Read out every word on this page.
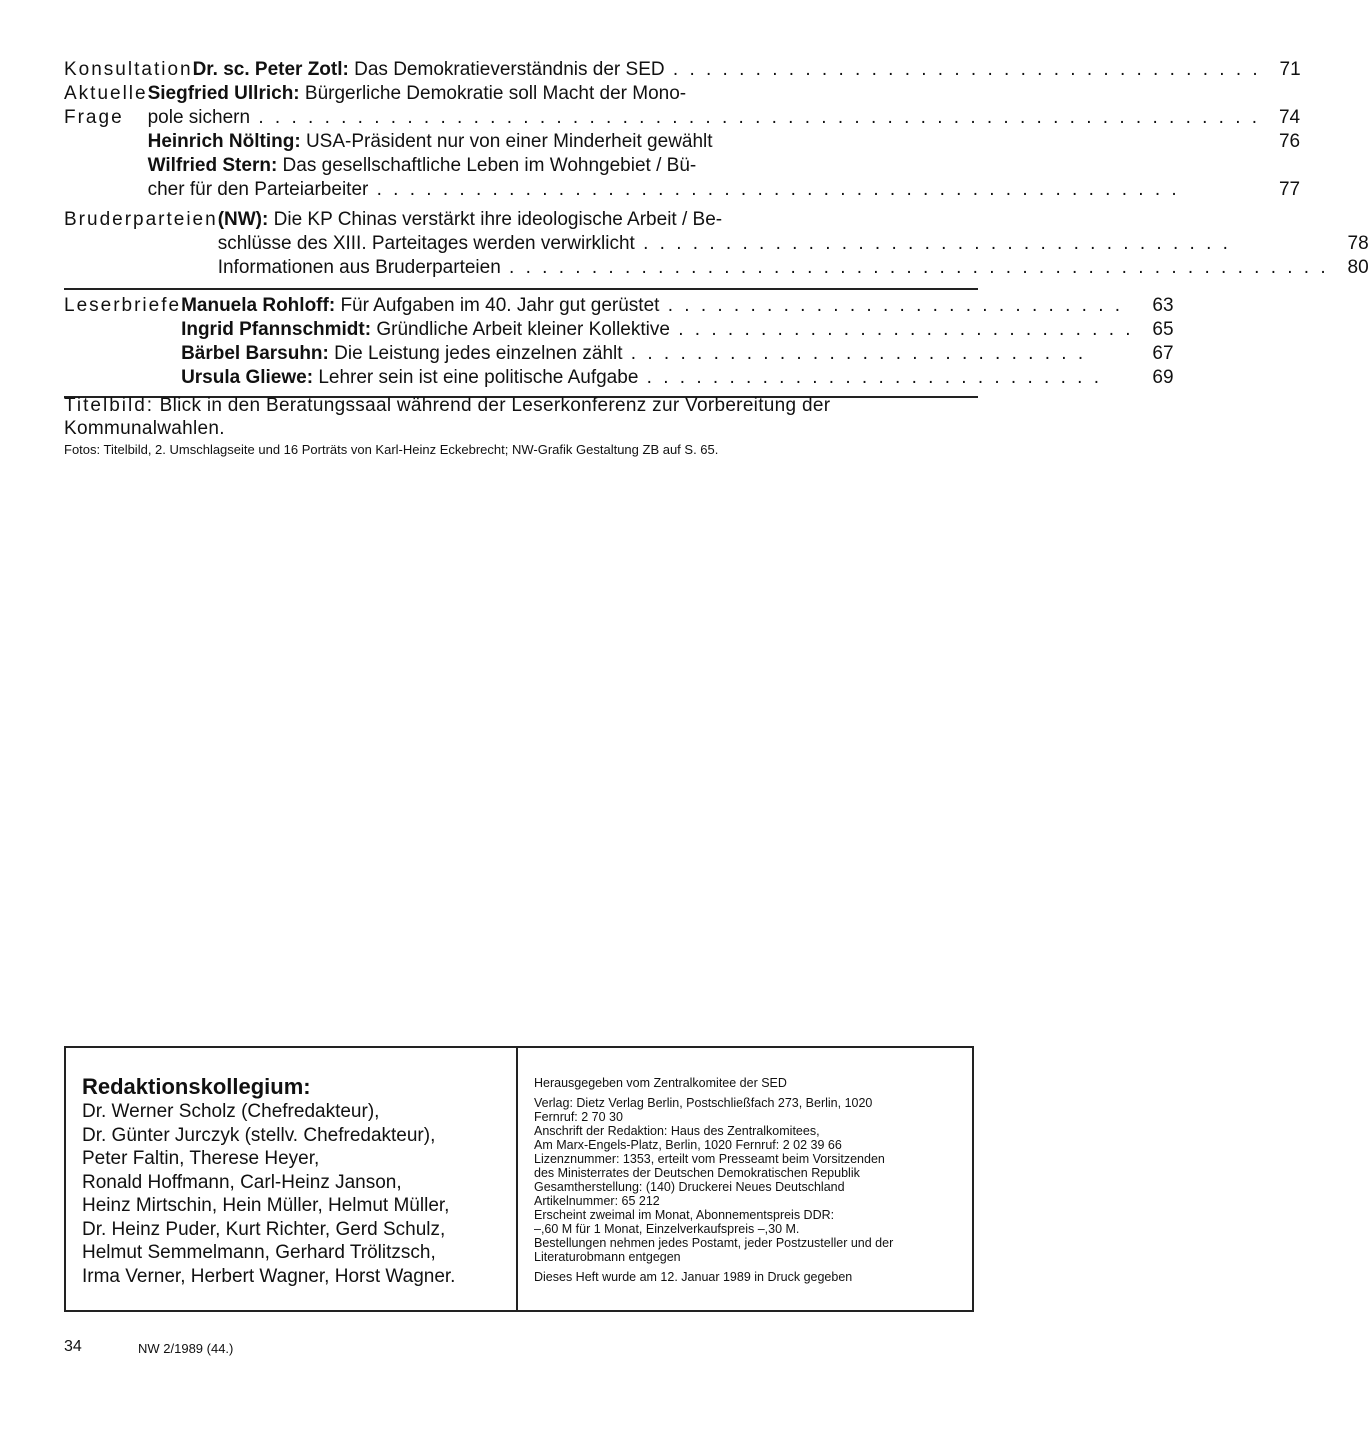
Konsultation Dr. sc. Peter Zotl: Das Demokratieverständnis der SED . . . . . . . . . . . . . . . . . . . . . . . . . . . . . . . . . . . . 71
Aktuelle Frage
Siegfried Ullrich: Bürgerliche Demokratie soll Macht der Mono-
pole sichern . . . . . . . . . . . . . . . . . . . . . . . . . . . . . . . . . . . . . . . . . . . . . . . . . . . . . . . . . . . . . 74
Heinrich Nölting: USA-Präsident nur von einer Minderheit gewählt	76
Wilfried Stern: Das gesellschaftliche Leben im Wohngebiet / Bü-
cher für den Parteiarbeiter . . . . . . . . . . . . . . . . . . . . . . . . . . . . . . . . . . . . . . . . . . . . . . . . .	77
Bruderparteien (NW): Die KP Chinas verstärkt ihre ideologische Arbeit / Be-
schlüsse des XIII. Parteitages werden verwirklicht . . . . . . . . . . . . . . . . . . . . . . . . . . . . . . . . . . . .	78
Informationen aus Bruderparteien . . . . . . . . . . . . . . . . . . . . . . . . . . . . . . . . . . . . . . . . . . . . . . . . . . 80
Leserbriefe Manuela Rohloff: Für Aufgaben im 40. Jahr gut gerüstet . . . . . . . . . . . . . . . . . . . . . . . . . . . .	63
Ingrid Pfannschmidt: Gründliche Arbeit kleiner Kollektive . . . . . . . . . . . . . . . . . . . . . . . . . . . . 65
Bärbel Barsuhn: Die Leistung jedes einzelnen zählt . . . . . . . . . . . . . . . . . . . . . . . . . . . .	67
Ursula Gliewe: Lehrer sein ist eine politische Aufgabe . . . . . . . . . . . . . . . . . . . . . . . . . . . .	69
Titelbild: Blick in den Beratungssaal während der Leserkonferenz zur Vorbereitung der Kommunalwahlen.
Fotos: Titelbild, 2. Umschlagseite und 16 Porträts von Karl-Heinz Eckebrecht; NW-Grafik Gestaltung ZB auf S. 65.
Redaktionskollegium:
Dr. Werner Scholz (Chefredakteur),
Dr. Günter Jurczyk (stellv. Chefredakteur),
Peter Faltin, Therese Heyer,
Ronald Hoffmann, Carl-Heinz Janson,
Heinz Mirtschin, Hein Müller, Helmut Müller,
Dr. Heinz Puder, Kurt Richter, Gerd Schulz,
Helmut Semmelmann, Gerhard Trölitzsch,
Irma Verner, Herbert Wagner, Horst Wagner.
Herausgegeben vom Zentralkomitee der SED
Verlag: Dietz Verlag Berlin, Postschließfach 273, Berlin, 1020
Fernruf: 2 70 30
Anschrift der Redaktion: Haus des Zentralkomitees,
Am Marx-Engels-Platz, Berlin, 1020 Fernruf: 2 02 39 66
Lizenznummer: 1353, erteilt vom Presseamt beim Vorsitzenden
des Ministerrates der Deutschen Demokratischen Republik
Gesamtherstellung: (140) Druckerei Neues Deutschland
Artikelnummer: 65 212
Erscheint zweimal im Monat, Abonnementspreis DDR:
–,60 M für 1 Monat, Einzelverkaufspreis –,30 M.
Bestellungen nehmen jedes Postamt, jeder Postzusteller und der
Literaturobmann entgegen
Dieses Heft wurde am 12. Januar 1989 in Druck gegeben
34	NW 2/1989 (44.)
